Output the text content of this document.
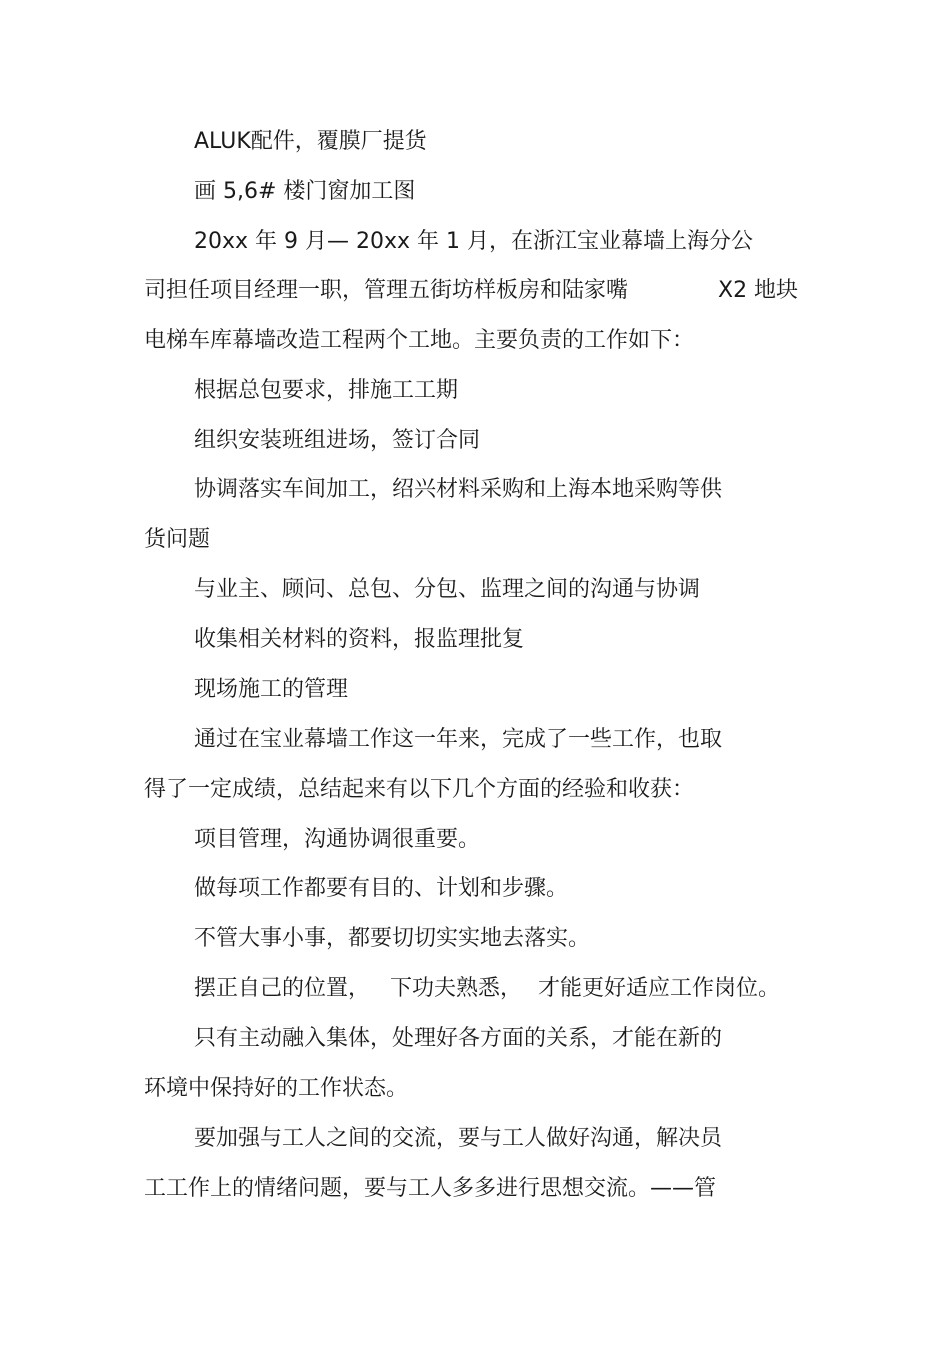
ALUK配件，覆膜厂提货
画 5,6# 楼门窗加工图
20xx 年 9 月— 20xx 年 1 月，在浙江宝业幕墙上海分公
司担任项目经理一职，管理五街坊样板房和陆家嘴	X2 地块
电梯车库幕墙改造工程两个工地。主要负责的工作如下：
根据总包要求，排施工工期
组织安装班组进场，签订合同
协调落实车间加工，绍兴材料采购和上海本地采购等供
货问题
与业主、顾问、总包、分包、监理之间的沟通与协调
收集相关材料的资料，报监理批复
现场施工的管理
通过在宝业幕墙工作这一年来，完成了一些工作，也取
得了一定成绩，总结起来有以下几个方面的经验和收获：
项目管理，沟通协调很重要。
做每项工作都要有目的、计划和步骤。
不管大事小事，都要切切实实地去落实。
摆正自己的位置， 下功夫熟悉， 才能更好适应工作岗位。
只有主动融入集体，处理好各方面的关系，才能在新的
环境中保持好的工作状态。
要加强与工人之间的交流，要与工人做好沟通，解决员
工工作上的情绪问题，要与工人多多进行思想交流。——管
